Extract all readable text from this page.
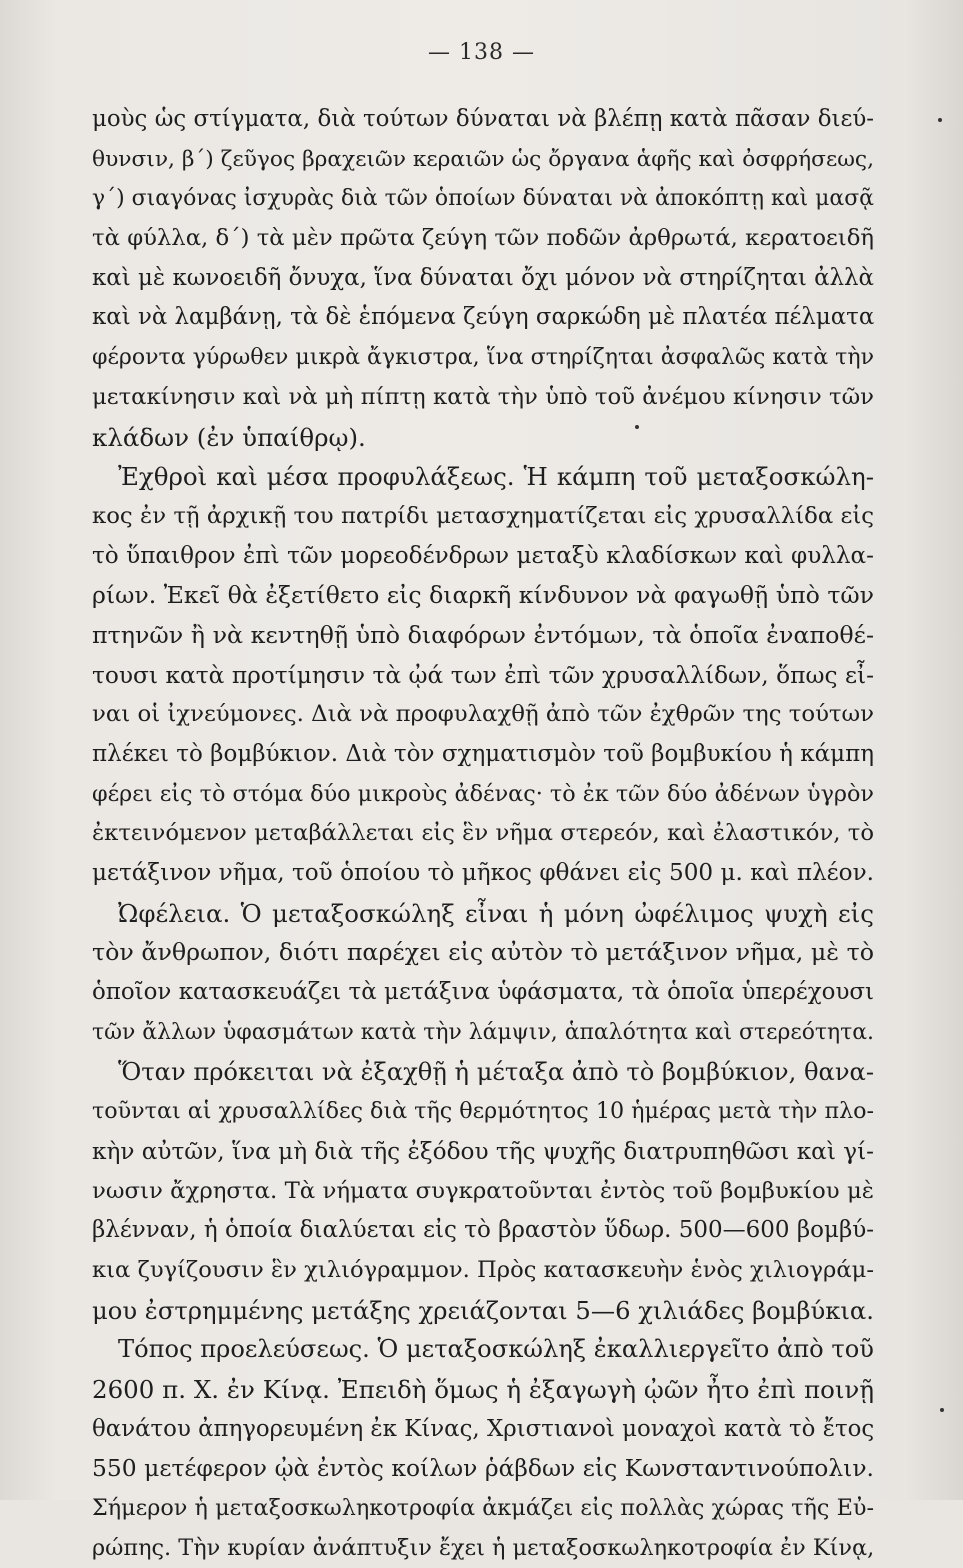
— 138 —
μοὺς ὡς στίγματα, διὰ τούτων δύναται νὰ βλέπῃ κατὰ πᾶσαν διεύ-
θυνσιν, β΄) ζεῦγος βραχειῶν κεραιῶν ὡς ὄργανα ἁφῆς καὶ ὀσφρήσεως,
γ΄) σιαγόνας ἰσχυρὰς διὰ τῶν ὁποίων δύναται νὰ ἀποκόπτῃ καὶ μασᾷ
τὰ φύλλα, δ΄) τὰ μὲν πρῶτα ζεύγη τῶν ποδῶν ἀρθρωτά, κερατοειδῆ
καὶ μὲ κωνοειδῆ ὄνυχα, ἵνα δύναται ὄχι μόνον νὰ στηρίζηται ἀλλὰ
καὶ νὰ λαμβάνῃ, τὰ δὲ ἑπόμενα ζεύγη σαρκώδη μὲ πλατέα πέλματα
φέροντα γύρωθεν μικρὰ ἄγκιστρα, ἵνα στηρίζηται ἀσφαλῶς κατὰ τὴν
μετακίνησιν καὶ νὰ μὴ πίπτῃ κατὰ τὴν ὑπὸ τοῦ ἀνέμου κίνησιν τῶν
κλάδων (ἐν ὑπαίθρῳ).
Ἐχθροὶ καὶ μέσα προφυλάξεως. Ἡ κάμπη τοῦ μεταξοσκώλη-
κος ἐν τῇ ἀρχικῇ του πατρίδι μετασχηματίζεται εἰς χρυσαλλίδα εἰς
τὸ ὕπαιθρον ἐπὶ τῶν μορεοδένδρων μεταξὺ κλαδίσκων καὶ φυλλα-
ρίων. Ἐκεῖ θὰ ἐξετίθετο εἰς διαρκῆ κίνδυνον νὰ φαγωθῇ ὑπὸ τῶν
πτηνῶν ἢ νὰ κεντηθῇ ὑπὸ διαφόρων ἐντόμων, τὰ ὁποῖα ἐναποθέ-
τουσι κατὰ προτίμησιν τὰ ᾠά των ἐπὶ τῶν χρυσαλλίδων, ὅπως εἶ-
ναι οἱ ἰχνεύμονες. Διὰ νὰ προφυλαχθῇ ἀπὸ τῶν ἐχθρῶν της τούτων
πλέκει τὸ βομβύκιον. Διὰ τὸν σχηματισμὸν τοῦ βομβυκίου ἡ κάμπη
φέρει εἰς τὸ στόμα δύο μικροὺς ἀδένας· τὸ ἐκ τῶν δύο ἀδένων ὑγρὸν
ἐκτεινόμενον μεταβάλλεται εἰς ἓν νῆμα στερεόν, καὶ ἐλαστικόν, τὸ
μετάξινον νῆμα, τοῦ ὁποίου τὸ μῆκος φθάνει εἰς 500 μ. καὶ πλέον.
Ὠφέλεια. Ὁ μεταξοσκώληξ εἶναι ἡ μόνη ὠφέλιμος ψυχὴ εἰς
τὸν ἄνθρωπον, διότι παρέχει εἰς αὐτὸν τὸ μετάξινον νῆμα, μὲ τὸ
ὁποῖον κατασκευάζει τὰ μετάξινα ὑφάσματα, τὰ ὁποῖα ὑπερέχουσι
τῶν ἄλλων ὑφασμάτων κατὰ τὴν λάμψιν, ἁπαλότητα καὶ στερεότητα.
Ὅταν πρόκειται νὰ ἐξαχθῇ ἡ μέταξα ἀπὸ τὸ βομβύκιον, θανα-
τοῦνται αἱ χρυσαλλίδες διὰ τῆς θερμότητος 10 ἡμέρας μετὰ τὴν πλο-
κὴν αὐτῶν, ἵνα μὴ διὰ τῆς ἐξόδου τῆς ψυχῆς διατρυπηθῶσι καὶ γί-
νωσιν ἄχρηστα. Τὰ νήματα συγκρατοῦνται ἐντὸς τοῦ βομβυκίου μὲ
βλένναν, ἡ ὁποία διαλύεται εἰς τὸ βραστὸν ὕδωρ. 500—600 βομβύ-
κια ζυγίζουσιν ἓν χιλιόγραμμον. Πρὸς κατασκευὴν ἑνὸς χιλιογράμ-
μου ἐστρημμένης μετάξης χρειάζονται 5—6 χιλιάδες βομβύκια.
Τόπος προελεύσεως. Ὁ μεταξοσκώληξ ἐκαλλιεργεῖτο ἀπὸ τοῦ
2600 π. Χ. ἐν Κίνᾳ. Ἐπειδὴ ὅμως ἡ ἐξαγωγὴ ᾠῶν ἦτο ἐπὶ ποινῇ
θανάτου ἀπηγορευμένη ἐκ Κίνας, Χριστιανοὶ μοναχοὶ κατὰ τὸ ἔτος
550 μετέφερον ᾠὰ ἐντὸς κοίλων ῥάβδων εἰς Κωνσταντινούπολιν.
Σήμερον ἡ μεταξοσκωληκοτροφία ἀκμάζει εἰς πολλὰς χώρας τῆς Εὐ-
ρώπης. Τὴν κυρίαν ἀνάπτυξιν ἔχει ἡ μεταξοσκωληκοτροφία ἐν Κίνᾳ,
